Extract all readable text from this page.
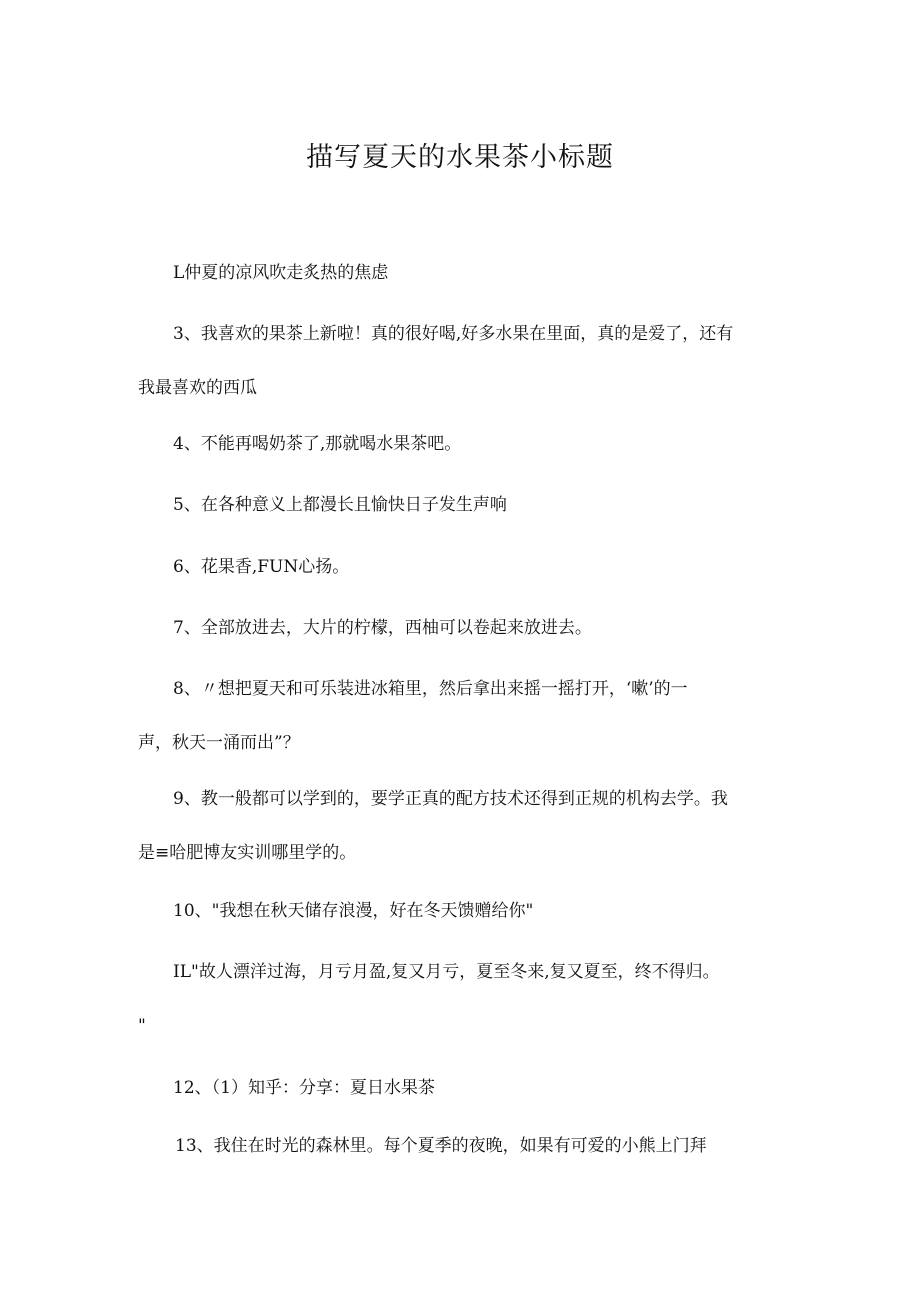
描写夏天的水果茶小标题
L仲夏的凉风吹走炙热的焦虑
3、我喜欢的果茶上新啦！真的很好喝,好多水果在里面，真的是爱了，还有
我最喜欢的西瓜
4、不能再喝奶茶了,那就喝水果茶吧。
5、在各种意义上都漫长且愉快日子发生声响
6、花果香,FUN心扬。
7、全部放进去，大片的柠檬，西柚可以卷起来放进去。
8、〃想把夏天和可乐装进冰箱里，然后拿出来摇一摇打开，‘嗽’的一
声，秋天一涌而出”？
9、教一般都可以学到的，要学正真的配方技术还得到正规的机构去学。我
是≡哈肥博友实训哪里学的。
10、"我想在秋天储存浪漫，好在冬天馈赠给你"
IL"故人漂洋过海，月亏月盈,复又月亏，夏至冬来,复又夏至，终不得归。
"
12、（1）知乎：分享：夏日水果茶
13、我住在时光的森林里。每个夏季的夜晚，如果有可爱的小熊上门拜
